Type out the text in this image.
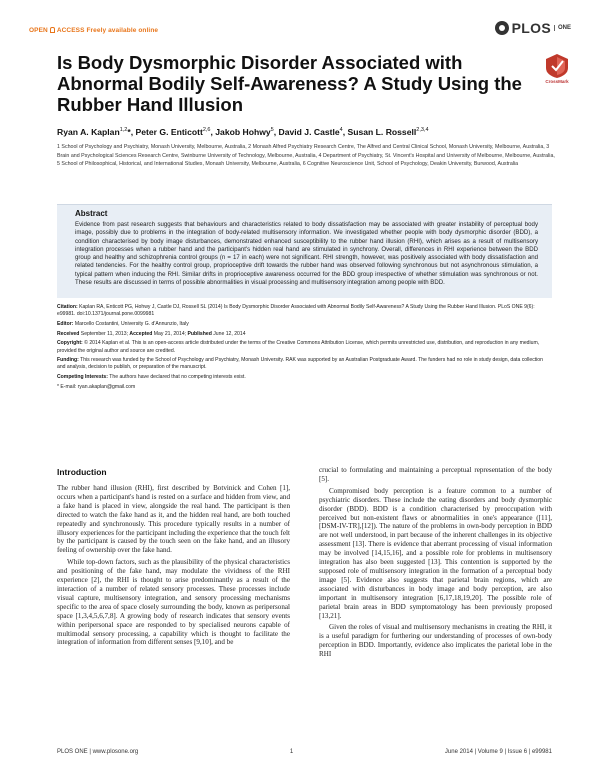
OPEN ACCESS Freely available online	PLOS	ONE
Is Body Dysmorphic Disorder Associated with Abnormal Bodily Self-Awareness? A Study Using the Rubber Hand Illusion
CrossMark
Ryan A. Kaplan$^{1,2}$*, Peter G. Enticott$^{2,6}$, Jakob Hohwy$^5$, David J. Castle$^4$, Susan L. Rossell$^{2,3,4}$
1 School of Psychology and Psychiatry, Monash University, Melbourne, Australia, 2 Monash Alfred Psychiatry Research Centre, The Alfred and Central Clinical School, Monash University, Melbourne, Australia, 3 Brain and Psychological Sciences Research Centre, Swinburne University of Technology, Melbourne, Australia, 4 Department of Psychiatry, St. Vincent's Hospital and University of Melbourne, Melbourne, Australia, 5 School of Philosophical, Historical, and International Studies, Monash University, Melbourne, Australia, 6 Cognitive Neuroscience Unit, School of Psychology, Deakin University, Burwood, Australia
Abstract
Evidence from past research suggests that behaviours and characteristics related to body dissatisfaction may be associated with greater instability of perceptual body image, possibly due to problems in the integration of body-related multisensory information. We investigated whether people with body dysmorphic disorder (BDD), a condition characterised by body image disturbances, demonstrated enhanced susceptibility to the rubber hand illusion (RHI), which arises as a result of multisensory integration processes when a rubber hand and the participant's hidden real hand are stimulated in synchrony. Overall, differences in RHI experience between the BDD group and healthy and schizophrenia control groups (n = 17 in each) were not significant. RHI strength, however, was positively associated with body dissatisfaction and related tendencies. For the healthy control group, proprioceptive drift towards the rubber hand was observed following synchronous but not asynchronous stimulation, a typical pattern when inducing the RHI. Similar drifts in proprioceptive awareness occurred for the BDD group irrespective of whether stimulation was synchronous or not. These results are discussed in terms of possible abnormalities in visual processing and multisensory integration among people with BDD.

Citation: Kaplan RA, Enticott PG, Hohwy J, Castle DJ, Rossell SL (2014) Is Body Dysmorphic Disorder Associated with Abnormal Bodily Self-Awareness? A Study Using the Rubber Hand Illusion. PLoS ONE 9(6): e99981. doi:10.1371/journal.pone.0099981

Editor: Marcello Costantini, University G. d'Annunzio, Italy

Received September 11, 2013; Accepted May 21, 2014; Published June 12, 2014

Copyright: © 2014 Kaplan et al. This is an open-access article distributed under the terms of the Creative Commons Attribution License, which permits unrestricted use, distribution, and reproduction in any medium, provided the original author and source are credited.

Funding: This research was funded by the School of Psychology and Psychiatry, Monash University. RAK was supported by an Australian Postgraduate Award. The funders had no role in study design, data collection and analysis, decision to publish, or preparation of the manuscript.

Competing Interests: The authors have declared that no competing interests exist.

* E-mail: ryan.akaplan@gmail.com

Introduction

The rubber hand illusion (RHI), first described by Botvinick and Cohen [1], occurs when a participant's hand is rested on a surface and hidden from view, and a fake hand is placed in view, alongside the real hand. The participant is then directed to watch the fake hand as it, and the hidden real hand, are both touched repeatedly and synchronously. This procedure typically results in a number of illusory experiences for the participant including the experience that the touch felt by the participant is caused by the touch seen on the fake hand, and an illusory feeling of ownership over the fake hand.

While top-down factors, such as the plausibility of the physical characteristics and positioning of the fake hand, may modulate the vividness of the RHI experience [2], the RHI is thought to arise predominantly as a result of the interaction of a number of related sensory processes. These processes include visual capture, multisensory integration, and sensory processing mechanisms specific to the area of space closely surrounding the body, known as peripersonal space [1,3,4,5,6,7,8]. A growing body of research indicates that sensory events within peripersonal space are responded to by specialised neurons capable of multimodal sensory processing, a capability which is thought to facilitate the integration of information from different senses [9,10], and be

crucial to formulating and maintaining a perceptual representation of the body [5].

Compromised body perception is a feature common to a number of psychiatric disorders. These include the eating disorders and body dysmorphic disorder (BDD). BDD is a condition characterised by preoccupation with perceived but non-existent flaws or abnormalities in one's appearance ([11], [DSM-IV-TR],[12]). The nature of the problems in own-body perception in BDD are not well understood, in part because of the inherent challenges in its objective assessment [13]. There is evidence that aberrant processing of visual information may be involved [14,15,16], and a possible role for problems in multisensory integration has also been suggested [13]. This contention is supported by the supposed role of multisensory integration in the formation of a perceptual body image [5]. Evidence also suggests that parietal brain regions, which are associated with disturbances in body image and body perception, are also important in multisensory integration [6,17,18,19,20]. The possible role of parietal brain areas in BDD symptomatology has been previously proposed [13,21].

Given the roles of visual and multisensory mechanisms in creating the RHI, it is a useful paradigm for furthering our understanding of processes of own-body perception in BDD. Importantly, evidence also implicates the parietal lobe in the RHI

PLOS ONE | www.plosone.org	1	June 2014 | Volume 9 | Issue 6 | e99981
